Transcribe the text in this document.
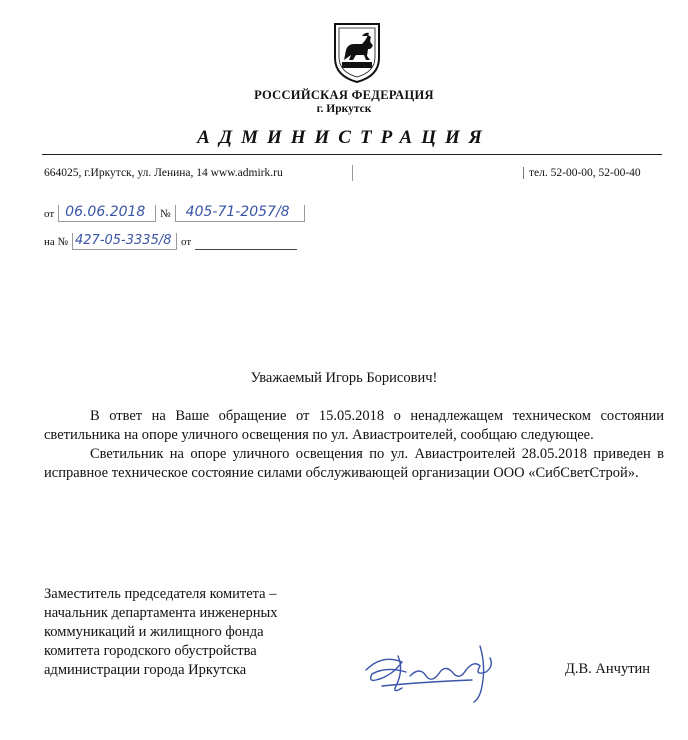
РОССИЙСКАЯ ФЕДЕРАЦИЯ
г. Иркутск
АДМИНИСТРАЦИЯ
664025, г.Иркутск, ул. Ленина, 14 www.admirk.ru	тел. 52-00-00, 52-00-40
от 06.06.2018 № 405-71-2057/8
на № 427-05-3335/8 от
Уважаемый Игорь Борисович!

В ответ на Ваше обращение от 15.05.2018 о ненадлежащем техническом состоянии светильника на опоре уличного освещения по ул. Авиастроителей, сообщаю следующее.

Светильник на опоре уличного освещения по ул. Авиастроителей 28.05.2018 приведен в исправное техническое состояние силами обслуживающей организации ООО «СибСветСтрой».

Заместитель председателя комитета –
начальник департамента инженерных
коммуникаций и жилищного фонда
комитета городского обустройства
администрации города Иркутска	Д.В. Анчутин
